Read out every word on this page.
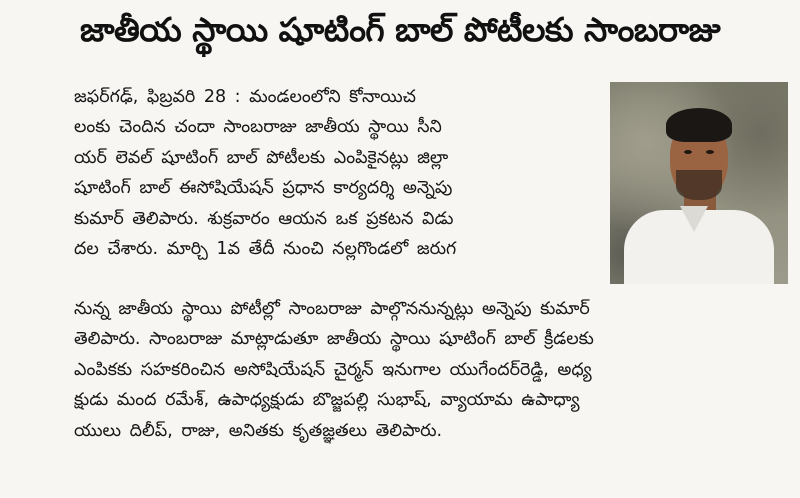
జాతీయ స్థాయి షూటింగ్ బాల్ పోటీలకు సాంబరాజు
జఫర్‌గఢ్, ఫిబ్రవరి 28 : మండలంలోని కోనాయిచ
లంకు చెందిన చందా సాంబరాజు జాతీయ స్థాయి సీని
యర్ లెవల్ షూటింగ్ బాల్ పోటీలకు ఎంపికైనట్లు జిల్లా
షూటింగ్ బాల్ ఈసోషియేషన్ ప్రధాన కార్యదర్శి అన్నెపు
కుమార్ తెలిపారు. శుక్రవారం ఆయన ఒక ప్రకటన విడు
దల చేశారు. మార్చి 1వ తేదీ నుంచి నల్లగొండలో జరుగ
నున్న జాతీయ స్థాయి పోటీల్లో సాంబరాజు పాల్గొననున్నట్లు అన్నెపు కుమార్
తెలిపారు. సాంబరాజు మాట్లాడుతూ జాతీయ స్థాయి షూటింగ్ బాల్ క్రీడలకు
ఎంపికకు సహకరించిన అసోషియేషన్ చైర్మన్ ఇనుగాల యుగేందర్‌రెడ్డి, అధ్య
క్షుడు మంద రమేశ్, ఉపాధ్యక్షుడు బొజ్జపల్లి సుభాష్, వ్యాయామ ఉపాధ్యా
యులు దిలీప్, రాజు, అనితకు కృతజ్ఞతలు తెలిపారు.
